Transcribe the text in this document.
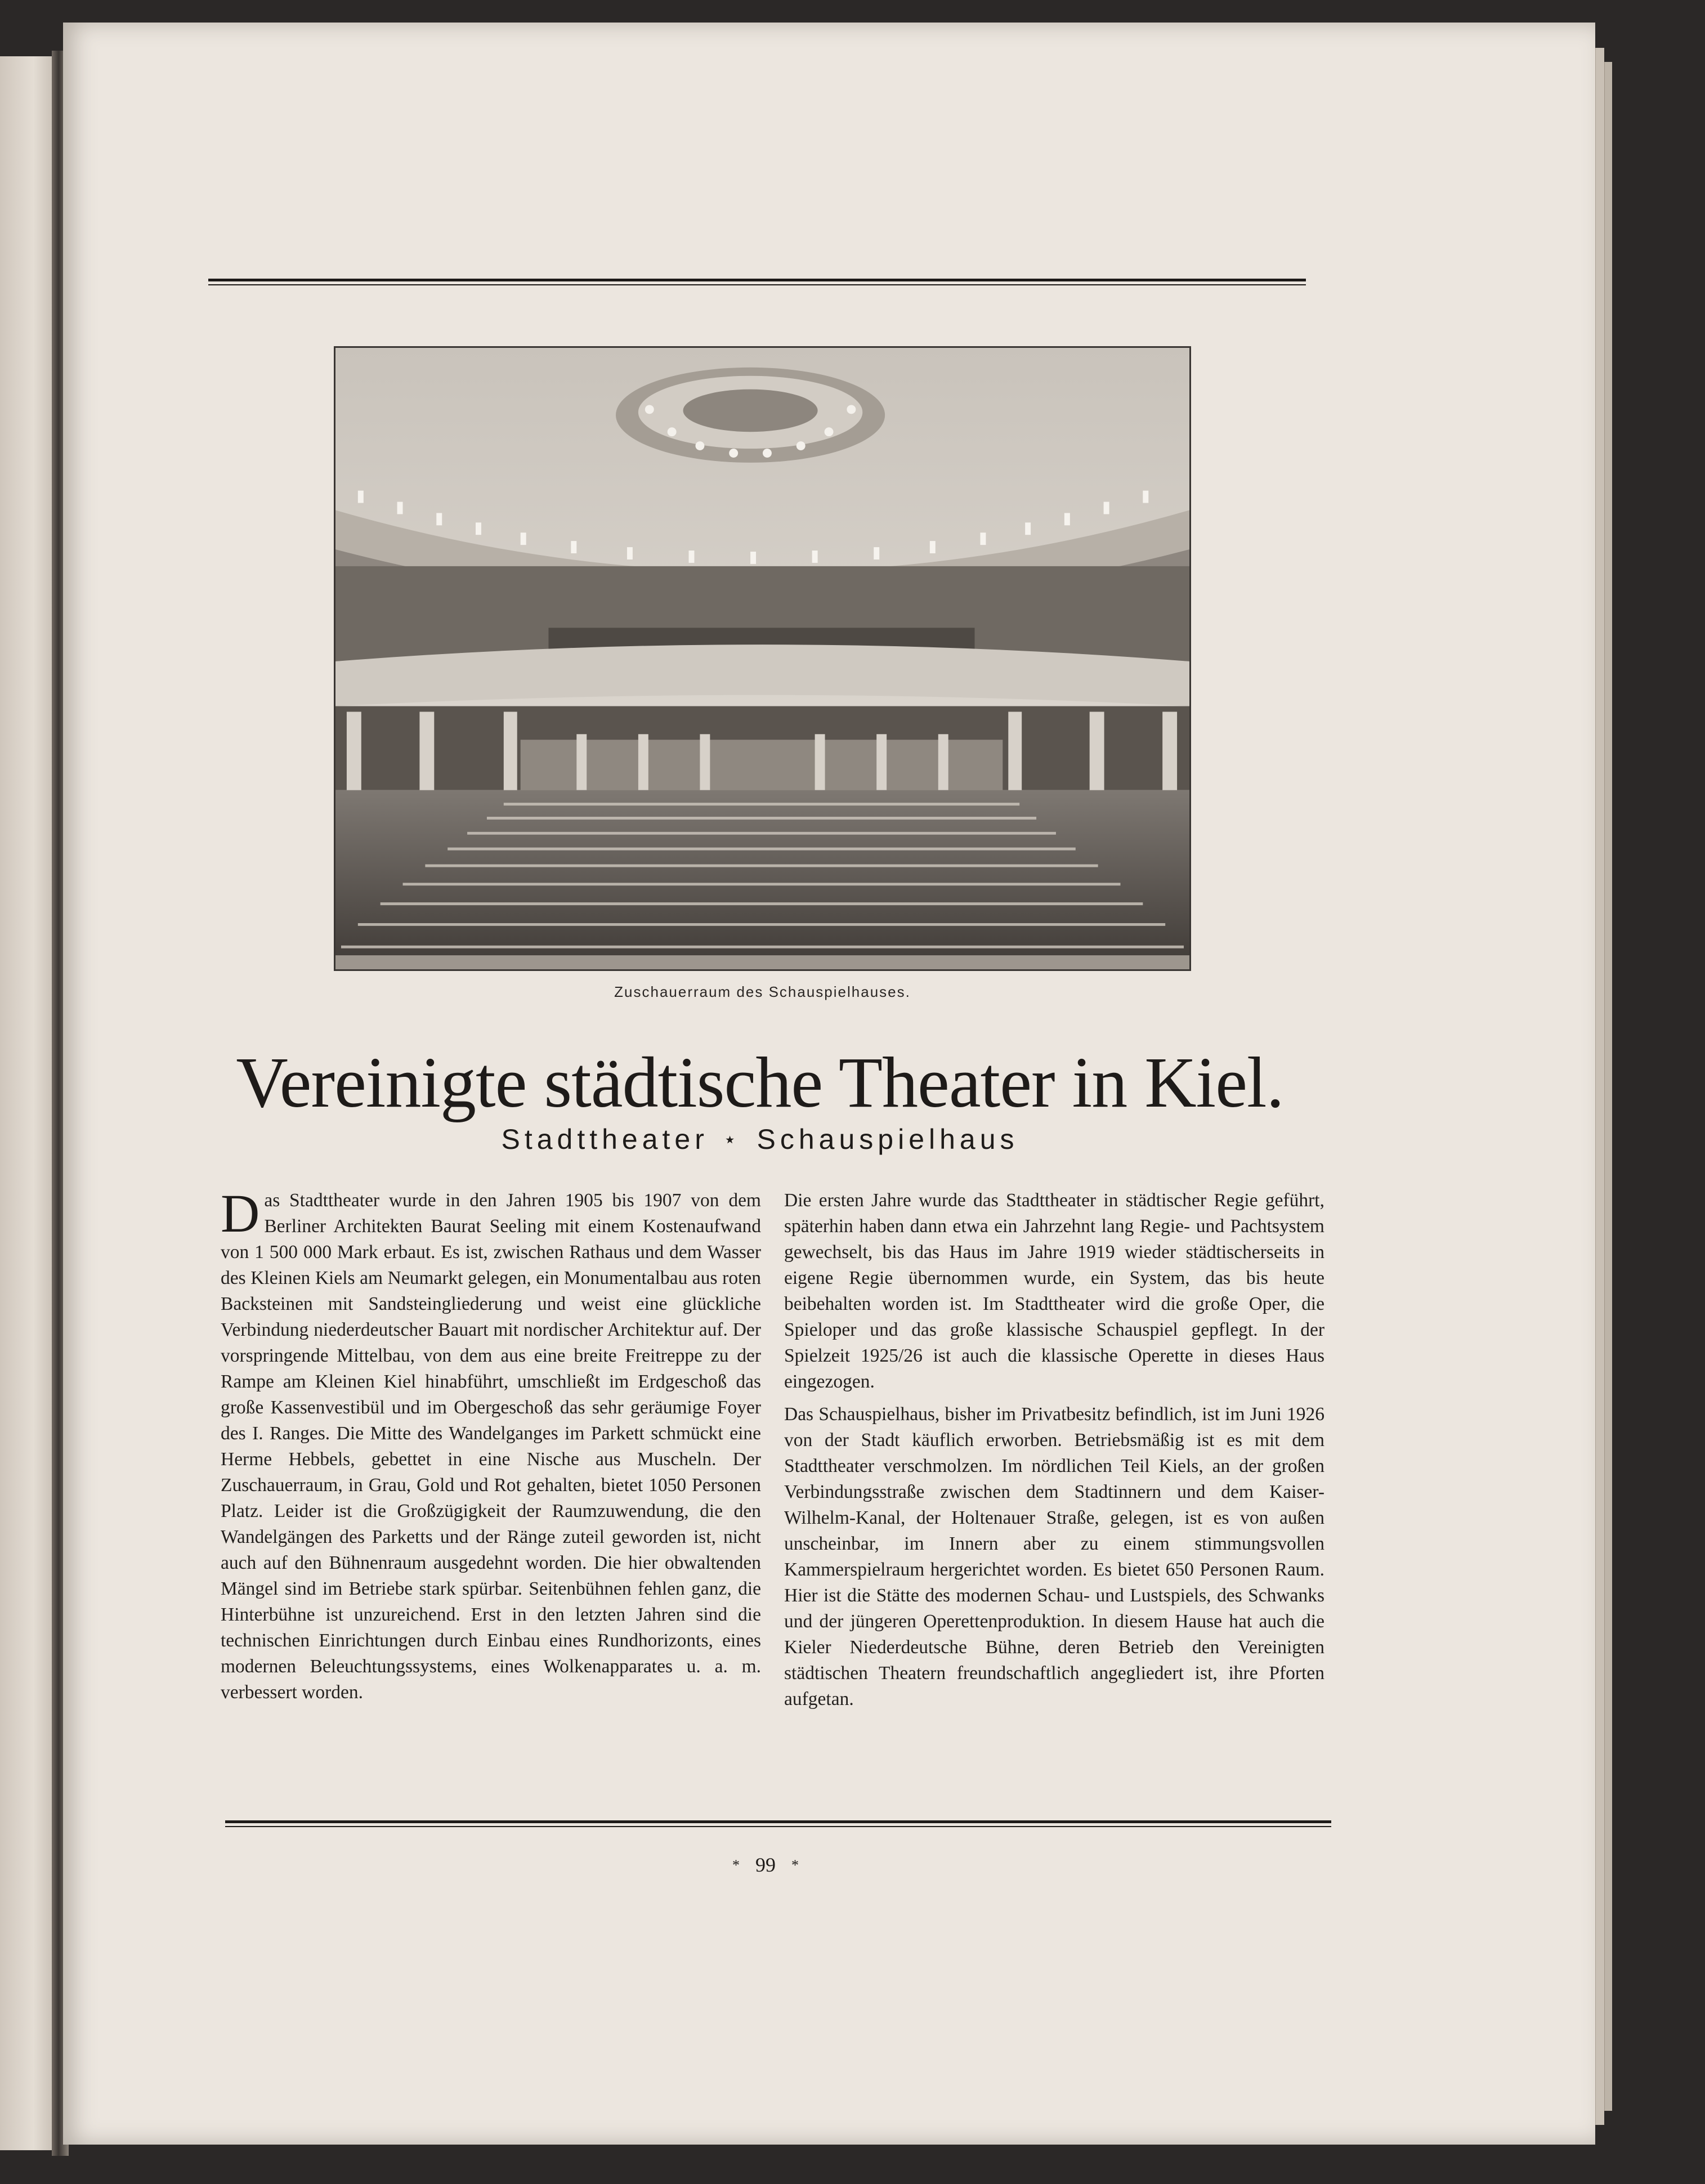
Zuschauerraum des Schauspielhauses.
Vereinigte städtische Theater in Kiel.
Stadttheater ⋆ Schauspielhaus

Das Stadttheater wurde in den Jahren 1905 bis 1907 von dem Berliner Architekten Baurat Seeling mit einem Kostenaufwand von 1 500 000 Mark erbaut. Es ist, zwischen Rathaus und dem Wasser des Kleinen Kiels am Neumarkt gelegen, ein Monumentalbau aus roten Backsteinen mit Sandsteingliederung und weist eine glückliche Verbindung niederdeutscher Bauart mit nordischer Architektur auf. Der vorspringende Mittelbau, von dem aus eine breite Freitreppe zu der Rampe am Kleinen Kiel hinabführt, umschließt im Erdgeschoß das große Kassenvestibül und im Obergeschoß das sehr geräumige Foyer des I. Ranges. Die Mitte des Wandelganges im Parkett schmückt eine Herme Hebbels, gebettet in eine Nische aus Muscheln. Der Zuschauerraum, in Grau, Gold und Rot gehalten, bietet 1050 Personen Platz. Leider ist die Großzügigkeit der Raumzuwendung, die den Wandelgängen des Parketts und der Ränge zuteil geworden ist, nicht auch auf den Bühnenraum ausgedehnt worden. Die hier obwaltenden Mängel sind im Betriebe stark spürbar. Seitenbühnen fehlen ganz, die Hinterbühne ist unzureichend. Erst in den letzten Jahren sind die technischen Einrichtungen durch Einbau eines Rundhorizonts, eines modernen Beleuchtungssystems, eines Wolkenapparates u. a. m. verbessert worden.

Die ersten Jahre wurde das Stadttheater in städtischer Regie geführt, späterhin haben dann etwa ein Jahrzehnt lang Regie- und Pachtsystem gewechselt, bis das Haus im Jahre 1919 wieder städtischerseits in eigene Regie übernommen wurde, ein System, das bis heute beibehalten worden ist. Im Stadttheater wird die große Oper, die Spieloper und das große klassische Schauspiel gepflegt. In der Spielzeit 1925/26 ist auch die klassische Operette in dieses Haus eingezogen.

Das Schauspielhaus, bisher im Privatbesitz befindlich, ist im Juni 1926 von der Stadt käuflich erworben. Betriebsmäßig ist es mit dem Stadttheater verschmolzen. Im nördlichen Teil Kiels, an der großen Verbindungsstraße zwischen dem Stadtinnern und dem Kaiser-Wilhelm-Kanal, der Holtenauer Straße, gelegen, ist es von außen unscheinbar, im Innern aber zu einem stimmungsvollen Kammerspielraum hergerichtet worden. Es bietet 650 Personen Raum. Hier ist die Stätte des modernen Schau- und Lustspiels, des Schwanks und der jüngeren Operettenproduktion. In diesem Hause hat auch die Kieler Niederdeutsche Bühne, deren Betrieb den Vereinigten städtischen Theatern freundschaftlich angegliedert ist, ihre Pforten aufgetan.

* 99 *
